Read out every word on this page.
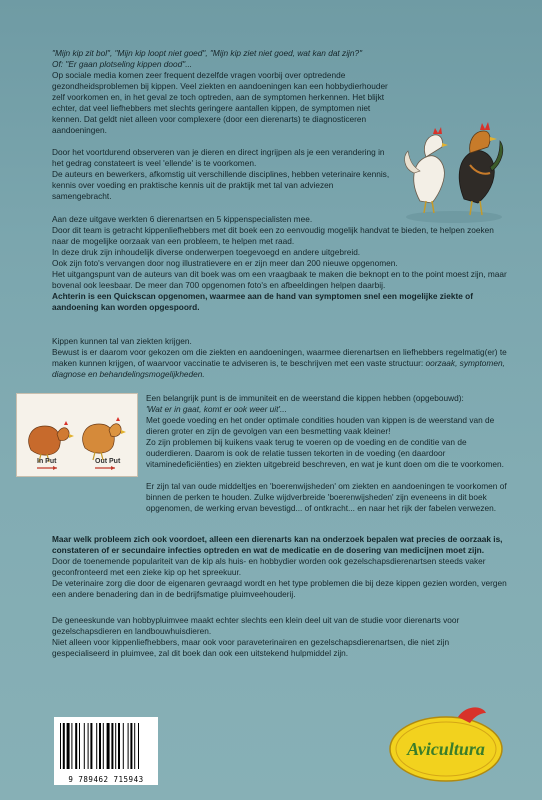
"Mijn kip zit bol", "Mijn kip loopt niet goed", "Mijn kip ziet niet goed, wat kan dat zijn?"

Of: "Er gaan plotseling kippen dood"...

Op sociale media komen zeer frequent dezelfde vragen voorbij over optredende gezondheidsproblemen bij kippen. Veel ziekten en aandoeningen kan een hobbydierhouder zelf voorkomen en, in het geval ze toch optreden, aan de symptomen herkennen. Het blijkt echter, dat veel liefhebbers met slechts geringere aantallen kippen, de symptomen niet kennen. Dat geldt niet alleen voor complexere (door een dierenarts) te diagnosticeren aandoeningen.

Door het voortdurend observeren van je dieren en direct ingrijpen als je een verandering in het gedrag constateert is veel 'ellende' is te voorkomen.

De auteurs en bewerkers, afkomstig uit verschillende disciplines, hebben veterinaire kennis, kennis over voeding en praktische kennis uit de praktijk met tal van adviezen samengebracht.

Aan deze uitgave werkten 6 dierenartsen en 5 kippenspecialisten mee.

Door dit team is getracht kippenliefhebbers met dit boek een zo eenvoudig mogelijk handvat te bieden, te helpen zoeken naar de mogelijke oorzaak van een probleem, te helpen met raad.

In deze druk zijn inhoudelijk diverse onderwerpen toegevoegd en andere uitgebreid.

Ook zijn foto's vervangen door nog illustratievere en er zijn meer dan 200 nieuwe opgenomen.

Het uitgangspunt van de auteurs van dit boek was om een vraagbaak te maken die beknopt en to the point moest zijn, maar bovenal ook leesbaar. De meer dan 700 opgenomen foto's en afbeeldingen helpen daarbij.

Achterin is een Quickscan opgenomen, waarmee aan de hand van symptomen snel een mogelijke ziekte of aandoening kan worden opgespoord.

Kippen kunnen tal van ziekten krijgen.

Bewust is er daarom voor gekozen om die ziekten en aandoeningen, waarmee dierenartsen en liefhebbers regelmatig(er) te maken kunnen krijgen, of waarvoor vaccinatie te adviseren is, te beschrijven met een vaste structuur: oorzaak, symptomen, diagnose en behandelingsmogelijkheden.

In Put	Out Put

Een belangrijk punt is de immuniteit en de weerstand die kippen hebben (opgebouwd):

'Wat er in gaat, komt er ook weer uit'...

Met goede voeding en het onder optimale condities houden van kippen is de weerstand van de dieren groter en zijn de gevolgen van een besmetting vaak kleiner!

Zo zijn problemen bij kuikens vaak terug te voeren op de voeding en de conditie van de ouderdieren. Daarom is ook de relatie tussen tekorten in de voeding (en daardoor vitaminedeficiënties) en ziekten uitgebreid beschreven, en wat je kunt doen om die te voorkomen.

Er zijn tal van oude middeltjes en 'boerenwijsheden' om ziekten en aandoeningen te voorkomen of binnen de perken te houden. Zulke wijdverbreide 'boerenwijsheden' zijn eveneens in dit boek opgenomen, de werking ervan bevestigd... of ontkracht... en naar het rijk der fabelen verwezen.

Maar welk probleem zich ook voordoet, alleen een dierenarts kan na onderzoek bepalen wat precies de oorzaak is, constateren of er secundaire infecties optreden en wat de medicatie en de dosering van medicijnen moet zijn.

Door de toenemende populariteit van de kip als huis- en hobbydier worden ook gezelschapsdierenartsen steeds vaker geconfronteerd met een zieke kip op het spreekuur.

De veterinaire zorg die door de eigenaren gevraagd wordt en het type problemen die bij deze kippen gezien worden, vergen een andere benadering dan in de bedrijfsmatige pluimveehouderij.

De geneeskunde van hobbypluimvee maakt echter slechts een klein deel uit van de studie voor dierenarts voor gezelschapsdieren en landbouwhuisdieren.

Niet alleen voor kippenliefhebbers, maar ook voor paraveterinairen en gezelschapsdierenartsen, die niet zijn gespecialiseerd in pluimvee, zal dit boek dan ook een uitstekend hulpmiddel zijn.

9 789462 715943
Avicultura
